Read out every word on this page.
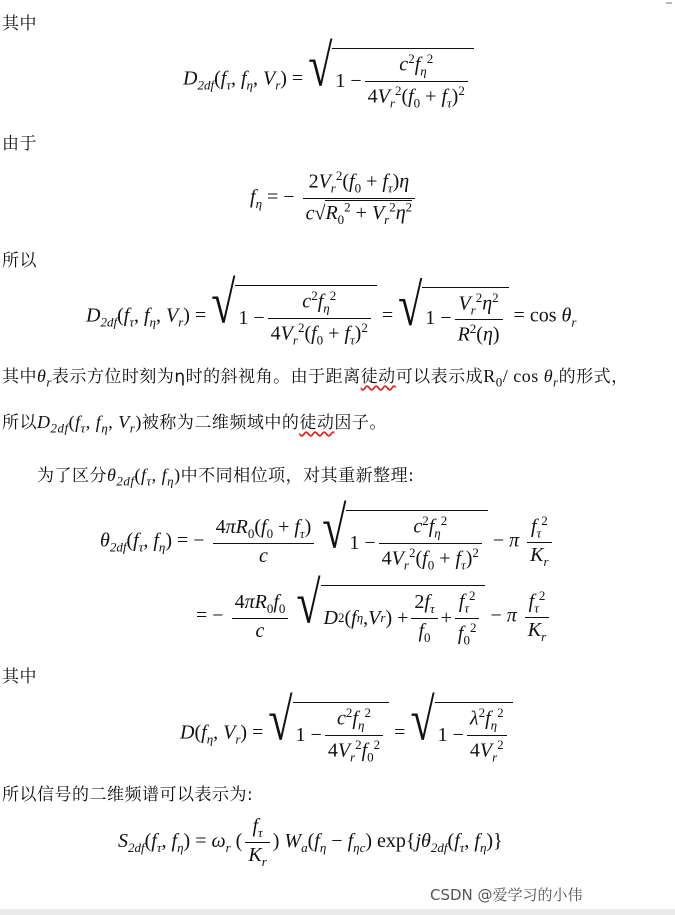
其中
$D_{2df}(f_\tau$, $f_\eta$, $V_r$) = √ $1 - \frac{c^2f_\eta^2}{4V_r^2(f_0 + f_\tau)^2}$
由于
$f_\eta$ = − $\frac{2V_r^2(f_0 + f_\tau)\eta}{c√R_0^2 + V_r^2\eta^2}$
所以
$D_{2df}(f_\tau$, $f_\eta$, $V_r$) = √ $1 - \frac{c^2f_\eta^2}{4V_r^2(f_0 + f_\tau)^2}$ = √ $1 - \frac{V_r^2\eta^2}{R^2(\eta)} = \cos \theta_r$
其中$\theta_r$表示方位时刻为η时的斜视角。由于距离徒动可以表示成$R_0/$ $\cos \theta_r$的形式，
所以$D_{2df}(f_\tau$, $f_\eta$, $V_r$)被称为二维频域中的徒动因子。
为了区分$\theta_{2df}(f_\tau$, $f_\eta$)中不同相位项，对其重新整理:
$\theta_{2df}(f_\tau$, $f_\eta$) = − $\frac{4\pi R_0(f_0 + f_\tau)}{c}$
√ $1 - \frac{c^2f_\eta^2}{4V_r^2(f_0 + f_\tau)^2} - \pi \frac{f_\tau^2}{K_r}$
= − $\frac{4\pi R_0f_0}{c}$
√ D 2 ( f η , V r ) + $\frac{2f_\tau}{f_0} + \frac{f_\tau^2}{f_0^2} - \pi \frac{f_\tau^2}{K_r}$
其中
$D(f_\eta$, $V_r$) = √ $1 - \frac{c^2f_\eta^2}{4V_r^2f_0^2}$ = √ $1 - \frac{\lambda^2f_\eta^2}{4V_r^2}$
所以信号的二维频谱可以表示为:
$S_{2df}(f_\tau$, $f_\eta) = \omega_r$ ( $\frac{f_\tau}{K_r}$ ) $W_a(f_\eta - f_{\eta c})$ $\exp\{j\theta_{2df}(f_\tau$, $f_\eta$)}
CSDN @爱学习的小伟
